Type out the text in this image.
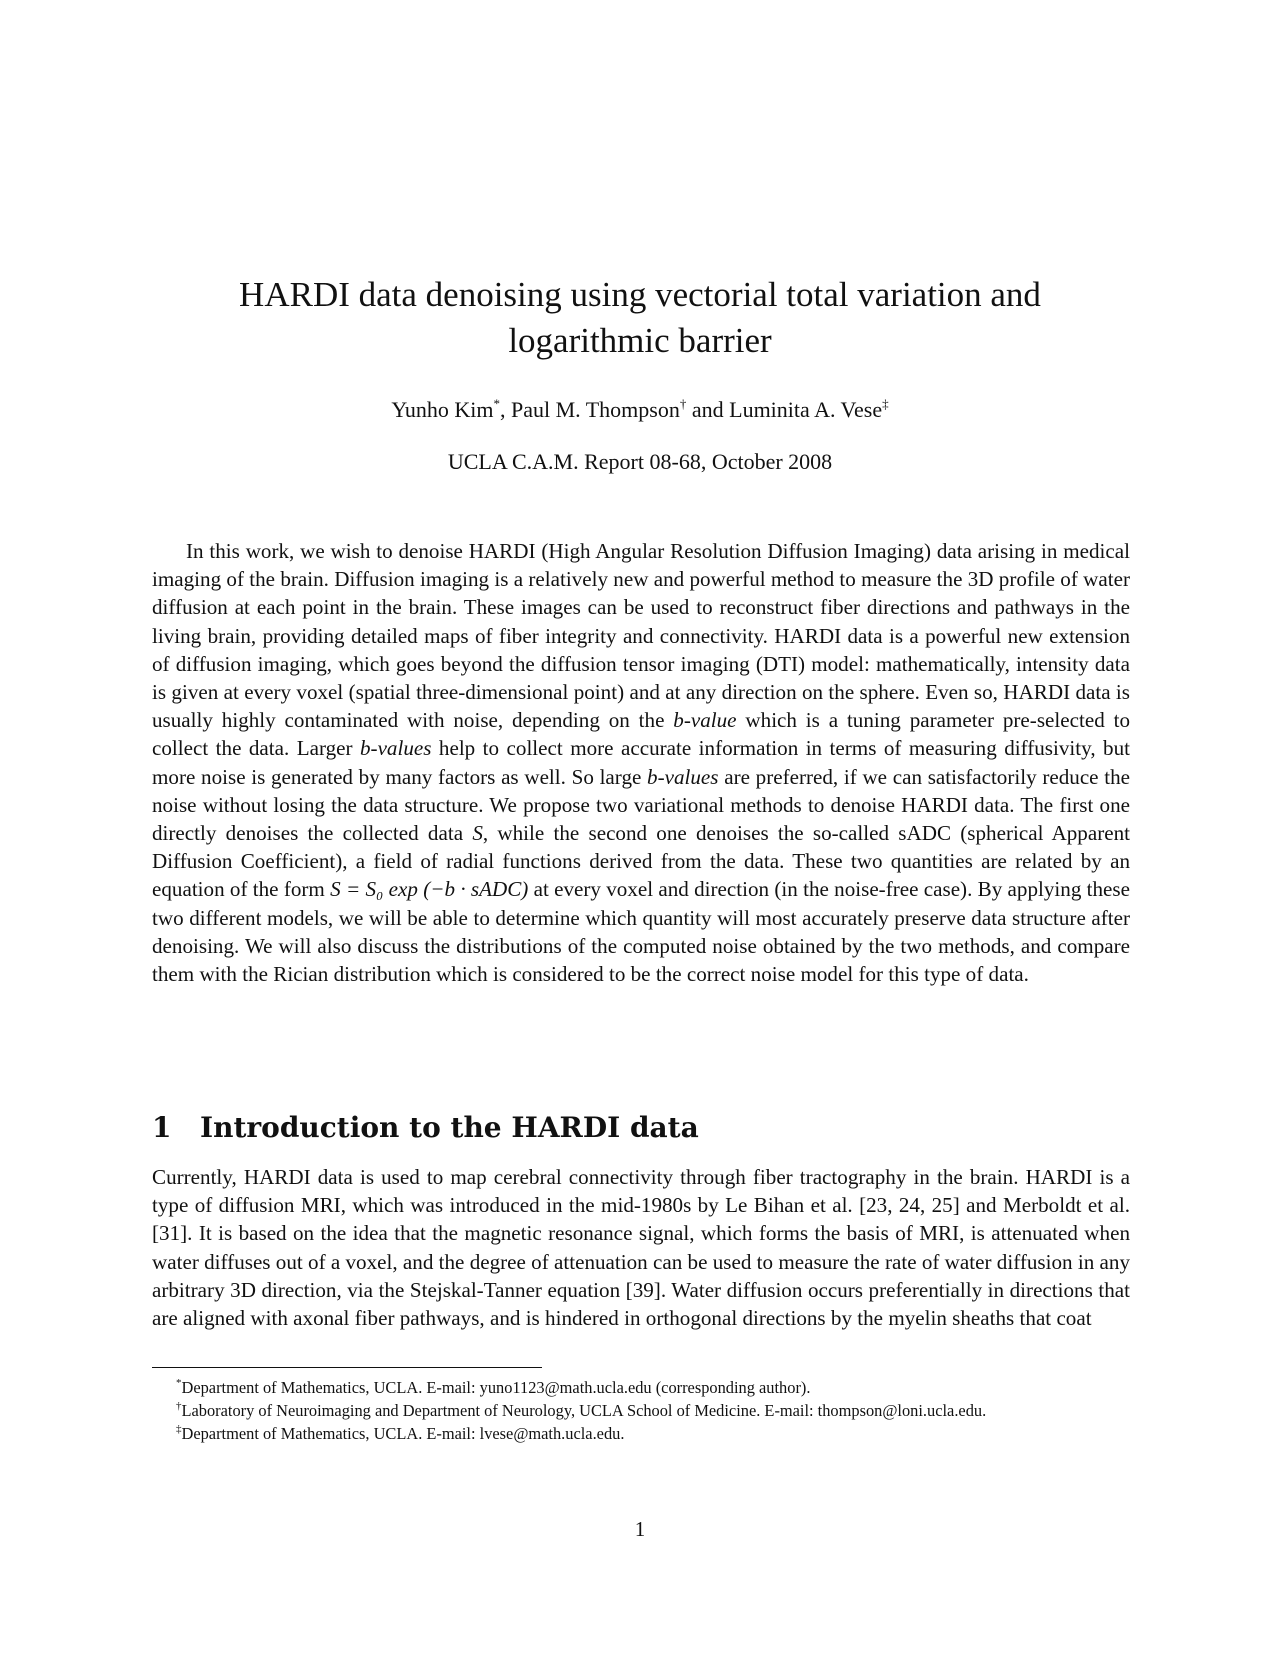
HARDI data denoising using vectorial total variation and
logarithmic barrier
Yunho Kim*, Paul M. Thompson† and Luminita A. Vese‡
UCLA C.A.M. Report 08-68, October 2008

In this work, we wish to denoise HARDI (High Angular Resolution Diffusion Imaging) data arising in medical imaging of the brain. Diffusion imaging is a relatively new and powerful method to measure the 3D profile of water diffusion at each point in the brain. These images can be used to reconstruct fiber directions and pathways in the living brain, providing detailed maps of fiber integrity and connectivity. HARDI data is a powerful new extension of diffusion imaging, which goes beyond the diffusion tensor imaging (DTI) model: mathematically, intensity data is given at every voxel (spatial three-dimensional point) and at any direction on the sphere. Even so, HARDI data is usually highly contaminated with noise, depending on the b-value which is a tuning parameter pre-selected to collect the data. Larger b-values help to collect more accurate information in terms of measuring diffusivity, but more noise is generated by many factors as well. So large b-values are preferred, if we can satisfactorily reduce the noise without losing the data structure. We propose two variational methods to denoise HARDI data. The first one directly denoises the collected data S, while the second one denoises the so-called sADC (spherical Apparent Diffusion Coefficient), a field of radial functions derived from the data. These two quantities are related by an equation of the form S = S₀ exp (−b · sADC) at every voxel and direction (in the noise-free case). By applying these two different models, we will be able to determine which quantity will most accurately preserve data structure after denoising. We will also discuss the distributions of the computed noise obtained by the two methods, and compare them with the Rician distribution which is considered to be the correct noise model for this type of data.

1 Introduction to the HARDI data

Currently, HARDI data is used to map cerebral connectivity through fiber tractography in the brain. HARDI is a type of diffusion MRI, which was introduced in the mid-1980s by Le Bihan et al. [23, 24, 25] and Merboldt et al. [31]. It is based on the idea that the magnetic resonance signal, which forms the basis of MRI, is attenuated when water diffuses out of a voxel, and the degree of attenuation can be used to measure the rate of water diffusion in any arbitrary 3D direction, via the Stejskal-Tanner equation [39]. Water diffusion occurs preferentially in directions that are aligned with axonal fiber pathways, and is hindered in orthogonal directions by the myelin sheaths that coat

*Department of Mathematics, UCLA. E-mail: yuno1123@math.ucla.edu (corresponding author).

†Laboratory of Neuroimaging and Department of Neurology, UCLA School of Medicine. E-mail: thompson@loni.ucla.edu.

‡Department of Mathematics, UCLA. E-mail: lvese@math.ucla.edu.

1
